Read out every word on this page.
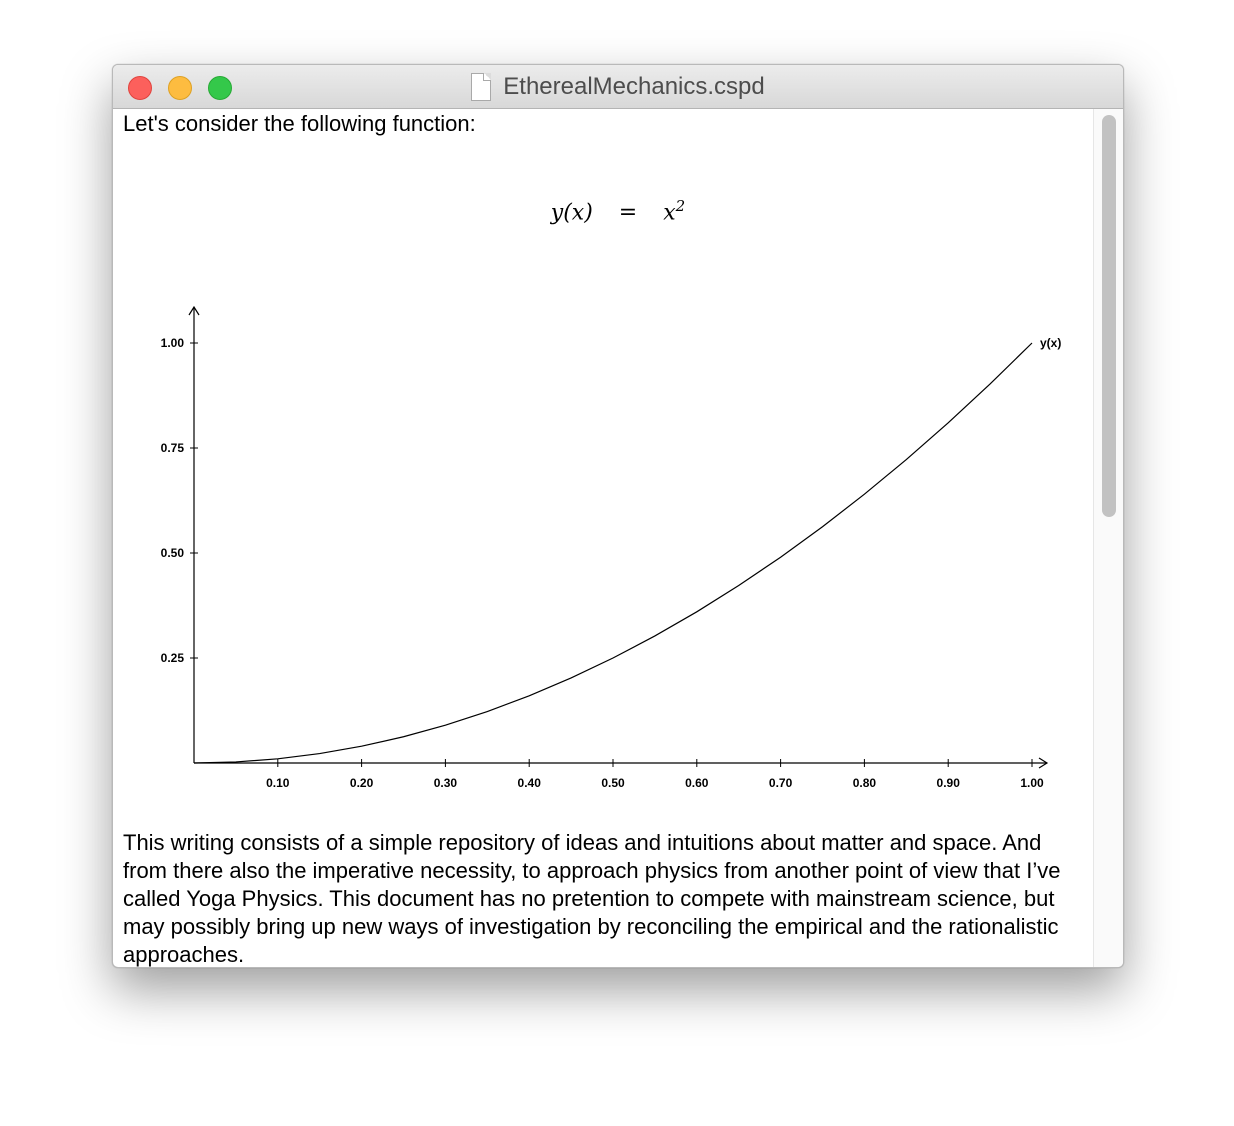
EtherealMechanics.cspd

Let's consider the following function:

$y(x) = x^2$
0.10	0.20	0.30	0.40	0.50	0.60	0.70	0.80	0.90	1.00
0.25
0.50
0.75
1.00	y(x)

This writing consists of a simple repository of ideas and intuitions about matter and space. And from there also the imperative necessity, to approach physics from another point of view that I’ve called Yoga Physics. This document has no pretention to compete with mainstream science, but may possibly bring up new ways of investigation by reconciling the empirical and the rationalistic approaches.
